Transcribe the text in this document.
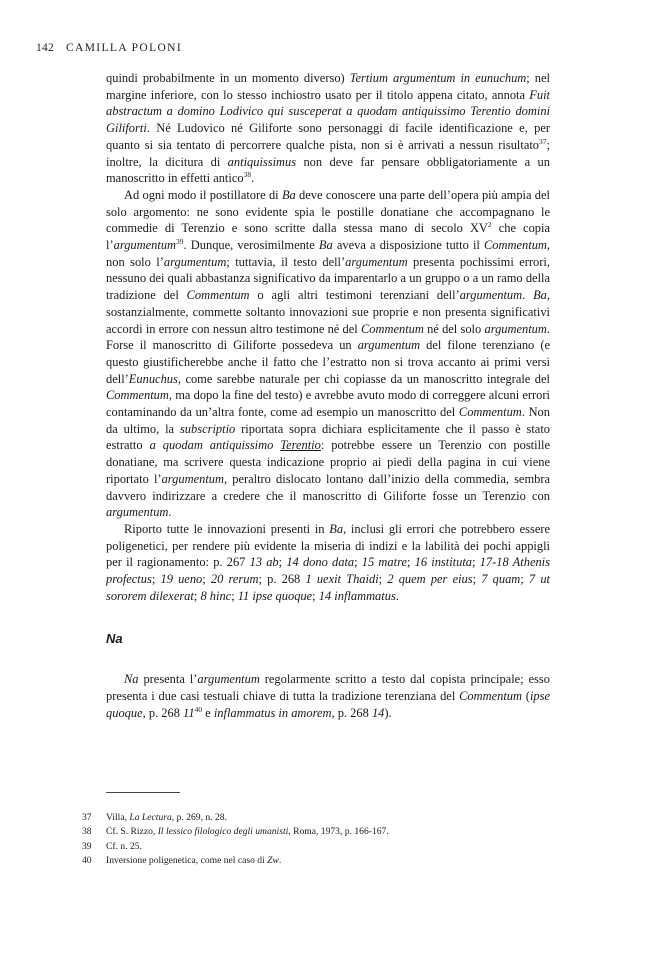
142 CAMILLA POLONI

quindi probabilmente in un momento diverso) Tertium argumentum in eunuchum; nel margine inferiore, con lo stesso inchiostro usato per il titolo appena citato, annota Fuit abstractum a domino Lodivico qui susceperat a quodam antiquissimo Terentio domini Giliforti. Né Ludovico né Giliforte sono personaggi di facile identificazione e, per quanto si sia tentato di percorrere qualche pista, non si è arrivati a nessun risultato$^{37}$; inoltre, la dicitura di antiquissimus non deve far pensare obbligatoriamente a un manoscritto in effetti antico$^{38}$.

Ad ogni modo il postillatore di Ba deve conoscere una parte dell’opera più ampia del solo argomento: ne sono evidente spia le postille donatiane che accompagnano le commedie di Terenzio e sono scritte dalla stessa mano di secolo $XV^2$ che copia l’argumentum$^{39}$. Dunque, verosimilmente Ba aveva a disposizione tutto il Commentum, non solo l’argumentum; tuttavia, il testo dell’argumentum presenta pochissimi errori, nessuno dei quali abbastanza significativo da imparentarlo a un gruppo o a un ramo della tradizione del Commentum o agli altri testimoni terenziani dell’argumentum. Ba, sostanzialmente, commette soltanto innovazioni sue proprie e non presenta significativi accordi in errore con nessun altro testimone né del Commentum né del solo argumentum. Forse il manoscritto di Giliforte possedeva un argumentum del filone terenziano (e questo giustificherebbe anche il fatto che l’estratto non si trova accanto ai primi versi dell’Eunuchus, come sarebbe naturale per chi copiasse da un manoscritto integrale del Commentum, ma dopo la fine del testo) e avrebbe avuto modo di correggere alcuni errori contaminando da un’altra fonte, come ad esempio un manoscritto del Commentum. Non da ultimo, la subscriptio riportata sopra dichiara esplicitamente che il passo è stato estratto a quodam antiquissimo Terentio: potrebbe essere un Terenzio con postille donatiane, ma scrivere questa indicazione proprio ai piedi della pagina in cui viene riportato l’argumentum, peraltro dislocato lontano dall’inizio della commedia, sembra davvero indirizzare a credere che il manoscritto di Giliforte fosse un Terenzio con argumentum.

Riporto tutte le innovazioni presenti in Ba, inclusi gli errori che potrebbero essere poligenetici, per rendere più evidente la miseria di indizi e la labilità dei pochi appigli per il ragionamento: p. 267 13 ab; 14 dono data; 15 matre; 16 instituta; 17-18 Athenis profectus; 19 ueno; 20 rerum; p. 268 1 uexit Thaidi; 2 quem per eius; 7 quam; 7 ut sororem dilexerat; 8 hinc; 11 ipse quoque; 14 inflammatus.

Na

Na presenta l’argumentum regolarmente scritto a testo dal copista principale; esso presenta i due casi testuali chiave di tutta la tradizione terenziana del Commentum (ipse quoque, p. 268 $11^{40}$ e inflammatus in amorem, p. 268 14).

37	Villa, La Lectura, p. 269, n. 28.
38	Cf. S. Rizzo, Il lessico filologico degli umanisti, Roma, 1973, p. 166-167.
39	Cf. n. 25.
40	Inversione poligenetica, come nel caso di Zw.
